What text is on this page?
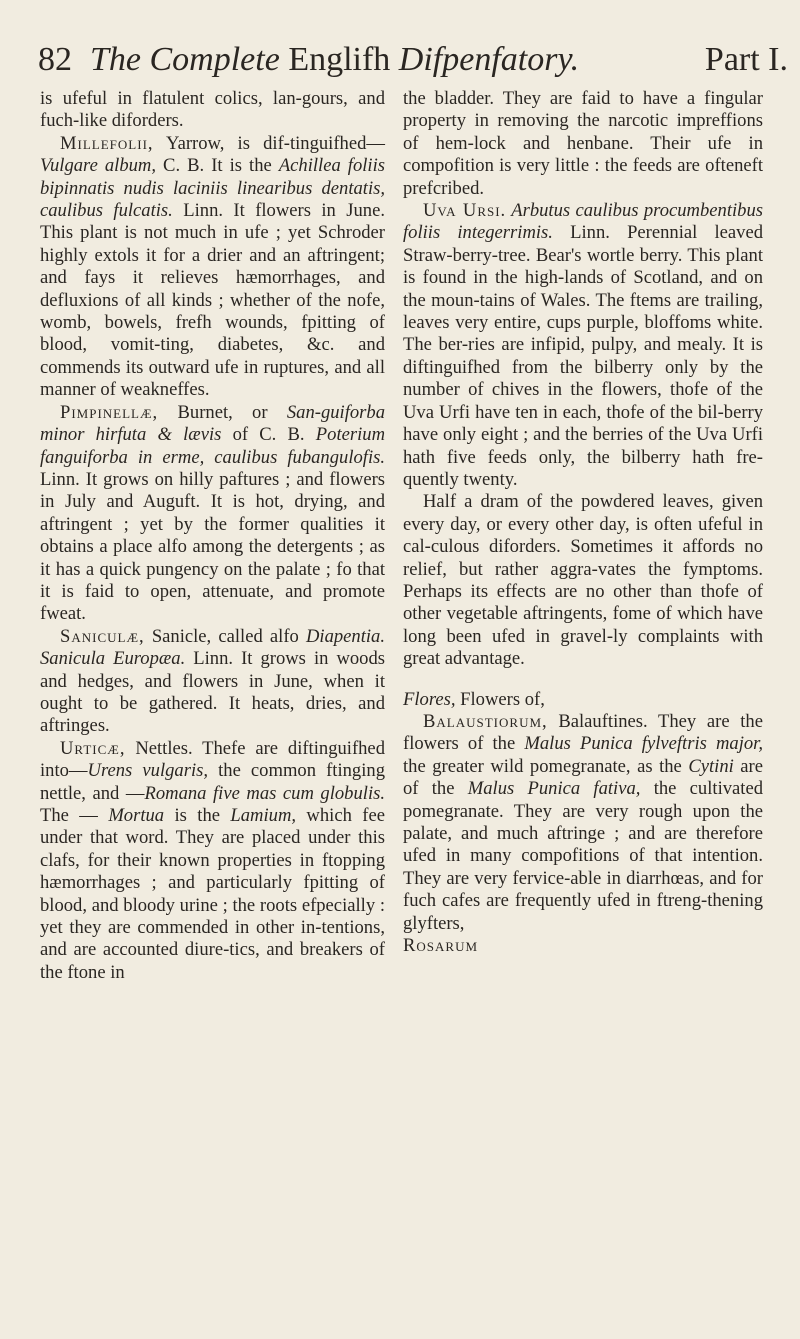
82 The Complete Englifh Difpenfatory.	Part I.

is ufeful in flatulent colics, lan-gours, and fuch-like diforders.

Millefolii, Yarrow, is dif-tinguifhed—Vulgare album, C. B. It is the Achillea foliis bipinnatis nudis laciniis linearibus dentatis, caulibus fulcatis. Linn. It flowers in June. This plant is not much in ufe ; yet Schroder highly extols it for a drier and an aftringent; and fays it relieves hæmorrhages, and defluxions of all kinds ; whether of the nofe, womb, bowels, frefh wounds, fpitting of blood, vomit-ting, diabetes, &c. and commends its outward ufe in ruptures, and all manner of weakneffes.

Pimpinellæ, Burnet, or San-guiforba minor hirfuta & lævis of C. B. Poterium fanguiforba in erme, caulibus fubangulofis. Linn. It grows on hilly paftures ; and flowers in July and Auguft. It is hot, drying, and aftringent ; yet by the former qualities it obtains a place alfo among the detergents ; as it has a quick pungency on the palate ; fo that it is faid to open, attenuate, and promote fweat.

Saniculæ, Sanicle, called alfo Diapentia. Sanicula Europæa. Linn. It grows in woods and hedges, and flowers in June, when it ought to be gathered. It heats, dries, and aftringes.

Urticæ, Nettles. Thefe are diftinguifhed into—Urens vulgaris, the common ftinging nettle, and —Romana five mas cum globulis. The — Mortua is the Lamium, which fee under that word. They are placed under this clafs, for their known properties in ftopping hæmorrhages ; and particularly fpitting of blood, and bloody urine ; the roots efpecially : yet they are commended in other in-tentions, and are accounted diure-tics, and breakers of the ftone in

the bladder. They are faid to have a fingular property in removing the narcotic impreffions of hem-lock and henbane. Their ufe in compofition is very little : the feeds are ofteneft prefcribed.

Uva Ursi. Arbutus caulibus procumbentibus foliis integerrimis. Linn. Perennial leaved Straw-berry-tree. Bear's wortle berry. This plant is found in the high-lands of Scotland, and on the moun-tains of Wales. The ftems are trailing, leaves very entire, cups purple, bloffoms white. The ber-ries are infipid, pulpy, and mealy. It is diftinguifhed from the bilberry only by the number of chives in the flowers, thofe of the Uva Urfi have ten in each, thofe of the bil-berry have only eight ; and the berries of the Uva Urfi hath five feeds only, the bilberry hath fre-quently twenty.

Half a dram of the powdered leaves, given every day, or every other day, is often ufeful in cal-culous diforders. Sometimes it affords no relief, but rather aggra-vates the fymptoms. Perhaps its effects are no other than thofe of other vegetable aftringents, fome of which have long been ufed in gravel-ly complaints with great advantage.

Flores, Flowers of,

Balaustiorum, Balauftines. They are the flowers of the Malus Punica fylveftris major, the greater wild pomegranate, as the Cytini are of the Malus Punica fativa, the cultivated pomegranate. They are very rough upon the palate, and much aftringe ; and are therefore ufed in many compofitions of that intention. They are very fervice-able in diarrhœas, and for fuch cafes are frequently ufed in ftreng-thening glyfters,

Rosarum
